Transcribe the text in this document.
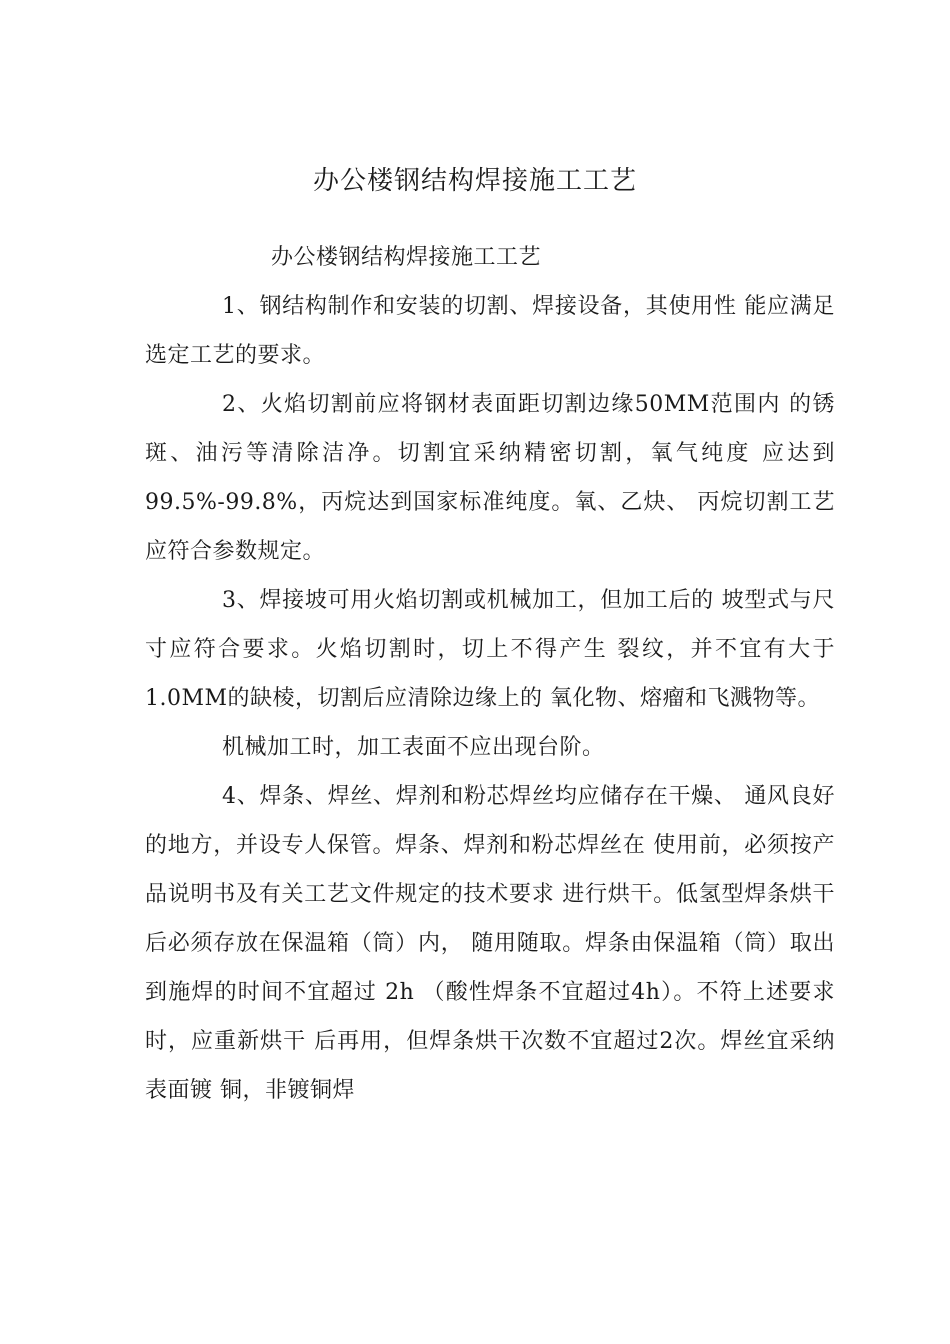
办公楼钢结构焊接施工工艺

办公楼钢结构焊接施工工艺

1、钢结构制作和安装的切割、焊接设备，其使用性 能应满足选定工艺的要求。

2、火焰切割前应将钢材表面距切割边缘50MM范围内 的锈斑、油污等清除洁净。切割宜采纳精密切割，氧气纯度 应达到99.5%-99.8%，丙烷达到国家标准纯度。氧、乙炔、 丙烷切割工艺应符合参数规定。

3、焊接坡可用火焰切割或机械加工，但加工后的 坡型式与尺寸应符合要求。火焰切割时，切上不得产生 裂纹，并不宜有大于1.0MM的缺棱，切割后应清除边缘上的 氧化物、熔瘤和飞溅物等。

机械加工时，加工表面不应出现台阶。

4、焊条、焊丝、焊剂和粉芯焊丝均应储存在干燥、 通风良好的地方，并设专人保管。焊条、焊剂和粉芯焊丝在 使用前，必须按产品说明书及有关工艺文件规定的技术要求 进行烘干。低氢型焊条烘干后必须存放在保温箱（筒）内， 随用随取。焊条由保温箱（筒）取出到施焊的时间不宜超过 2h （酸性焊条不宜超过4h）。不符上述要求时，应重新烘干 后再用，但焊条烘干次数不宜超过2次。焊丝宜采纳表面镀 铜，非镀铜焊
